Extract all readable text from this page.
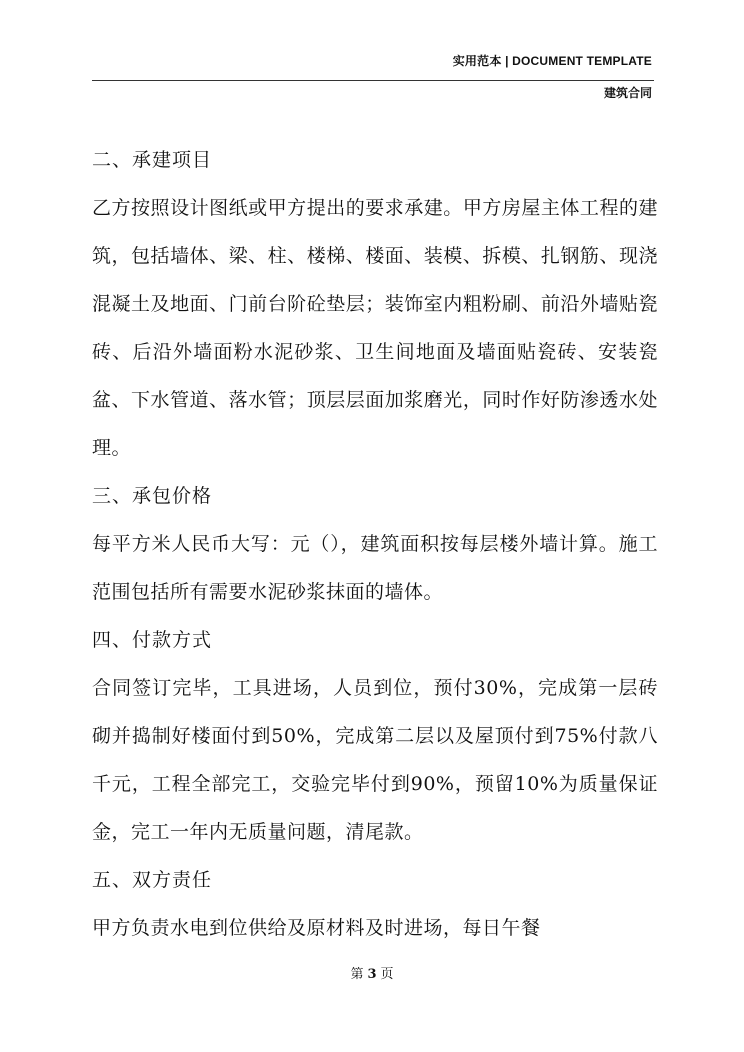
实用范本 | DOCUMENT TEMPLATE
建筑合同

二、承建项目

乙方按照设计图纸或甲方提出的要求承建。甲方房屋主体工程的建筑，包括墙体、梁、柱、楼梯、楼面、装模、拆模、扎钢筋、现浇混凝土及地面、门前台阶砼垫层；装饰室内粗粉刷、前沿外墙贴瓷砖、后沿外墙面粉水泥砂浆、卫生间地面及墙面贴瓷砖、安装瓷盆、下水管道、落水管；顶层层面加浆磨光，同时作好防渗透水处理。

三、承包价格

每平方米人民币大写：元（），建筑面积按每层楼外墙计算。施工范围包括所有需要水泥砂浆抹面的墙体。

四、付款方式

合同签订完毕，工具进场，人员到位，预付30%，完成第一层砖砌并捣制好楼面付到50%，完成第二层以及屋顶付到75%付款八千元，工程全部完工，交验完毕付到90%，预留10%为质量保证金，完工一年内无质量问题，清尾款。

五、双方责任

甲方负责水电到位供给及原材料及时进场，每日午餐

第 3 页
